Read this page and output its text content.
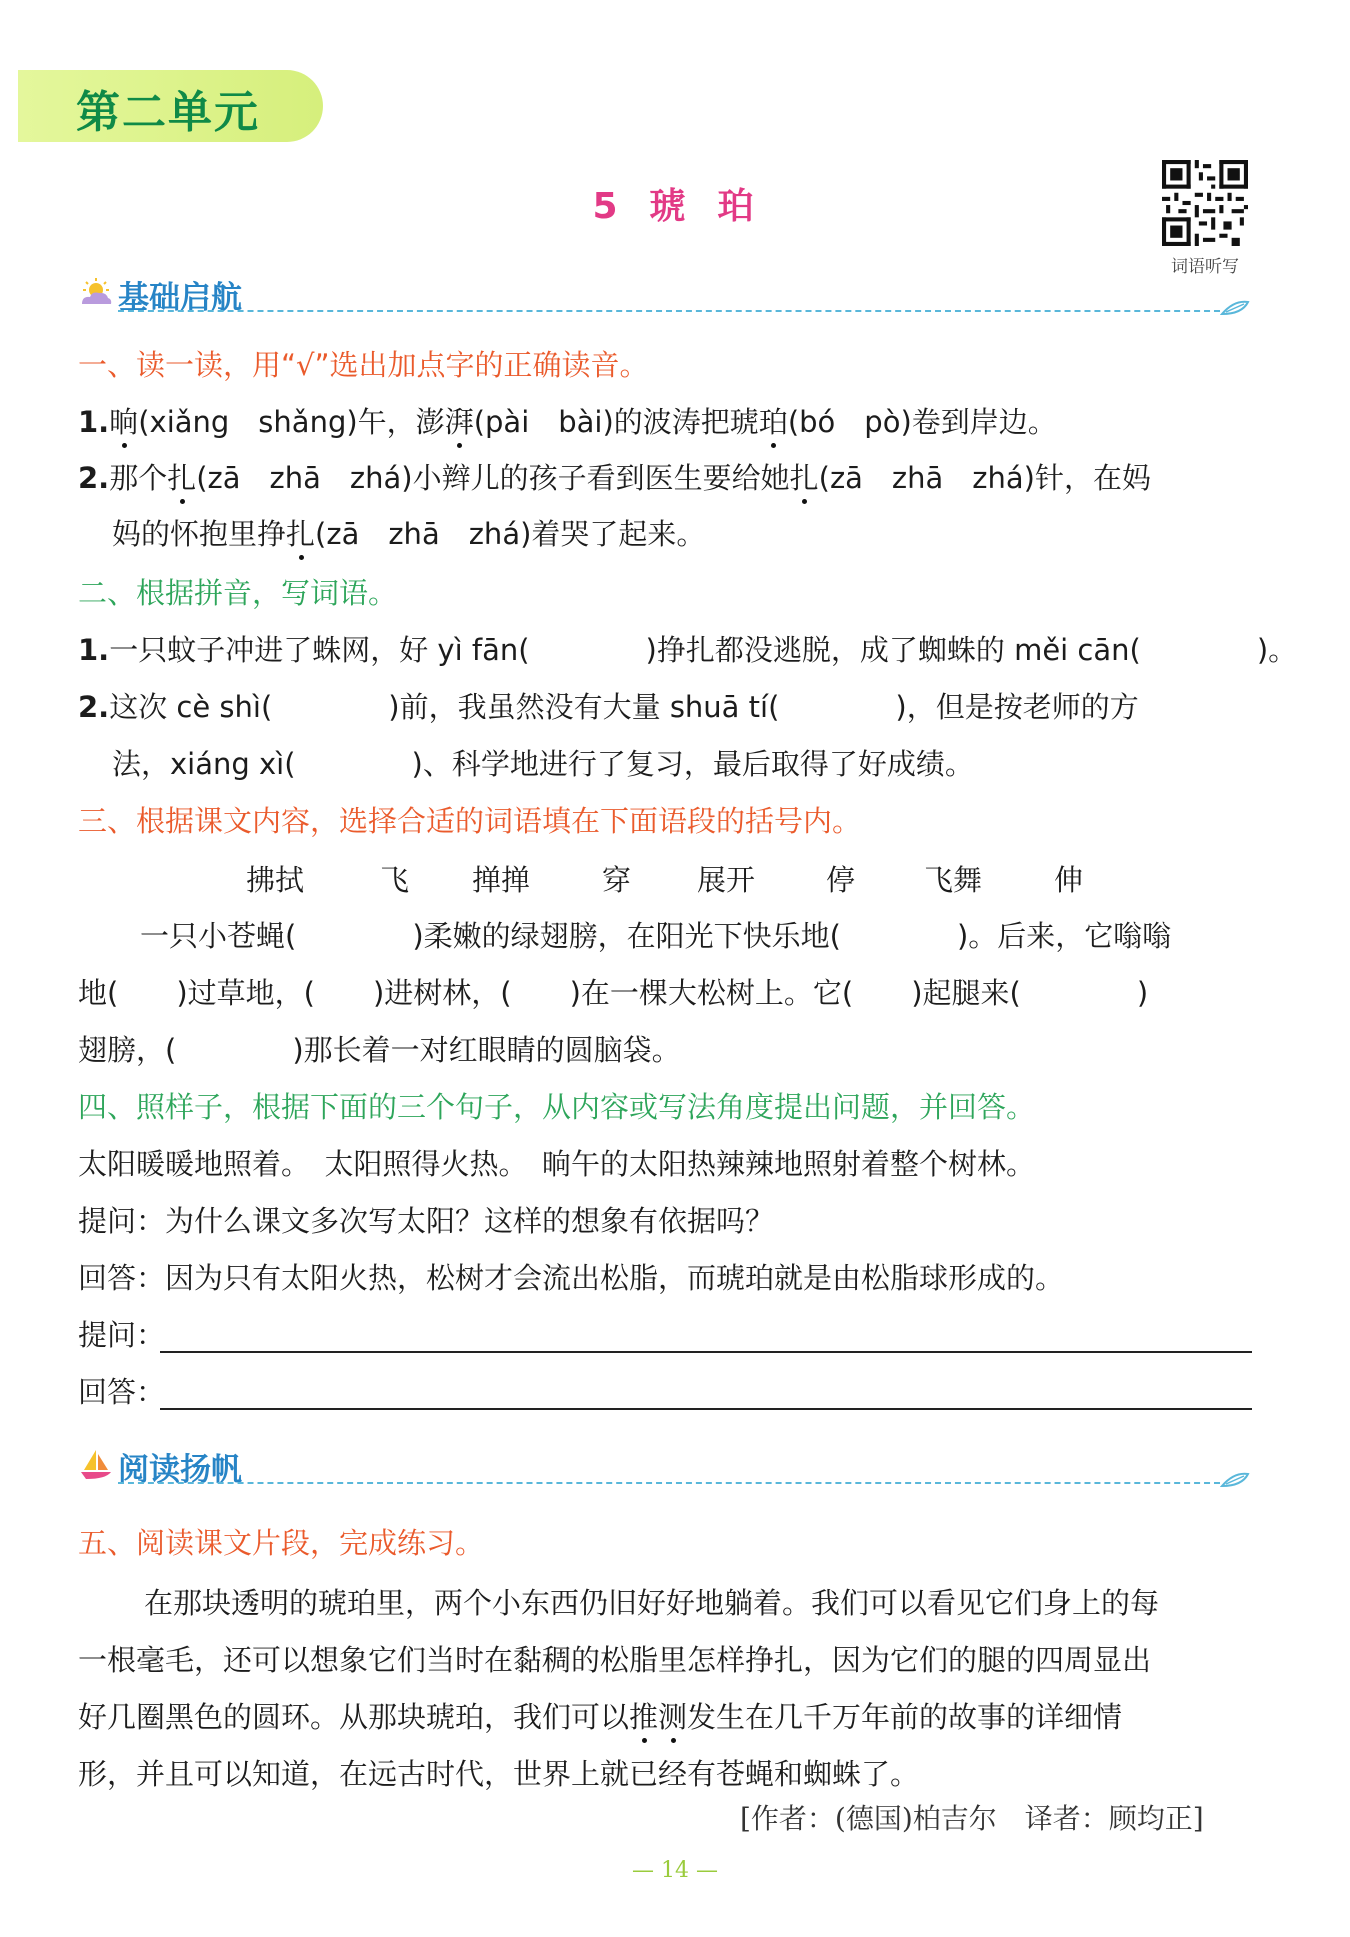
第二单元
5 琥 珀
词语听写
基础启航
一、读一读，用“√”选出加点字的正确读音。
1.晌(xiǎng　shǎng)午，澎湃(pài　bài)的波涛把琥珀(bó　pò)卷到岸边。
2.那个扎(zā　zhā　zhá)小辫儿的孩子看到医生要给她扎(zā　zhā　zhá)针，在妈
妈的怀抱里挣扎(zā　zhā　zhá)着哭了起来。
二、根据拼音，写词语。
1.一只蚊子冲进了蛛网，好 yì fān(　　　　)挣扎都没逃脱，成了蜘蛛的 měi cān(　　　　)。
2.这次 cè shì(　　　　)前，我虽然没有大量 shuā tí(　　　　)，但是按老师的方
法，xiáng xì(　　　　)、科学地进行了复习，最后取得了好成绩。
三、根据课文内容，选择合适的词语填在下面语段的括号内。
拂拭	飞 掸掸 穿 展开 停 飞舞 伸
一只小苍蝇(　　　　)柔嫩的绿翅膀，在阳光下快乐地(　　　　)。后来，它嗡嗡
地(　　)过草地，(　　)进树林，(　　)在一棵大松树上。它(　　)起腿来(　　　　)
翅膀，(　　　　)那长着一对红眼睛的圆脑袋。
四、照样子，根据下面的三个句子，从内容或写法角度提出问题，并回答。
太阳暖暖地照着。　太阳照得火热。　晌午的太阳热辣辣地照射着整个树林。
提问：为什么课文多次写太阳？这样的想象有依据吗？
回答：因为只有太阳火热，松树才会流出松脂，而琥珀就是由松脂球形成的。
提问：
回答：
阅读扬帆
五、阅读课文片段，完成练习。
在那块透明的琥珀里，两个小东西仍旧好好地躺着。我们可以看见它们身上的每
一根毫毛，还可以想象它们当时在黏稠的松脂里怎样挣扎，因为它们的腿的四周显出
好几圈黑色的圆环。从那块琥珀，我们可以推测发生在几千万年前的故事的详细情
形，并且可以知道，在远古时代，世界上就已经有苍蝇和蜘蛛了。
[作者：(德国)柏吉尔　译者：顾均正]
— 14 —
